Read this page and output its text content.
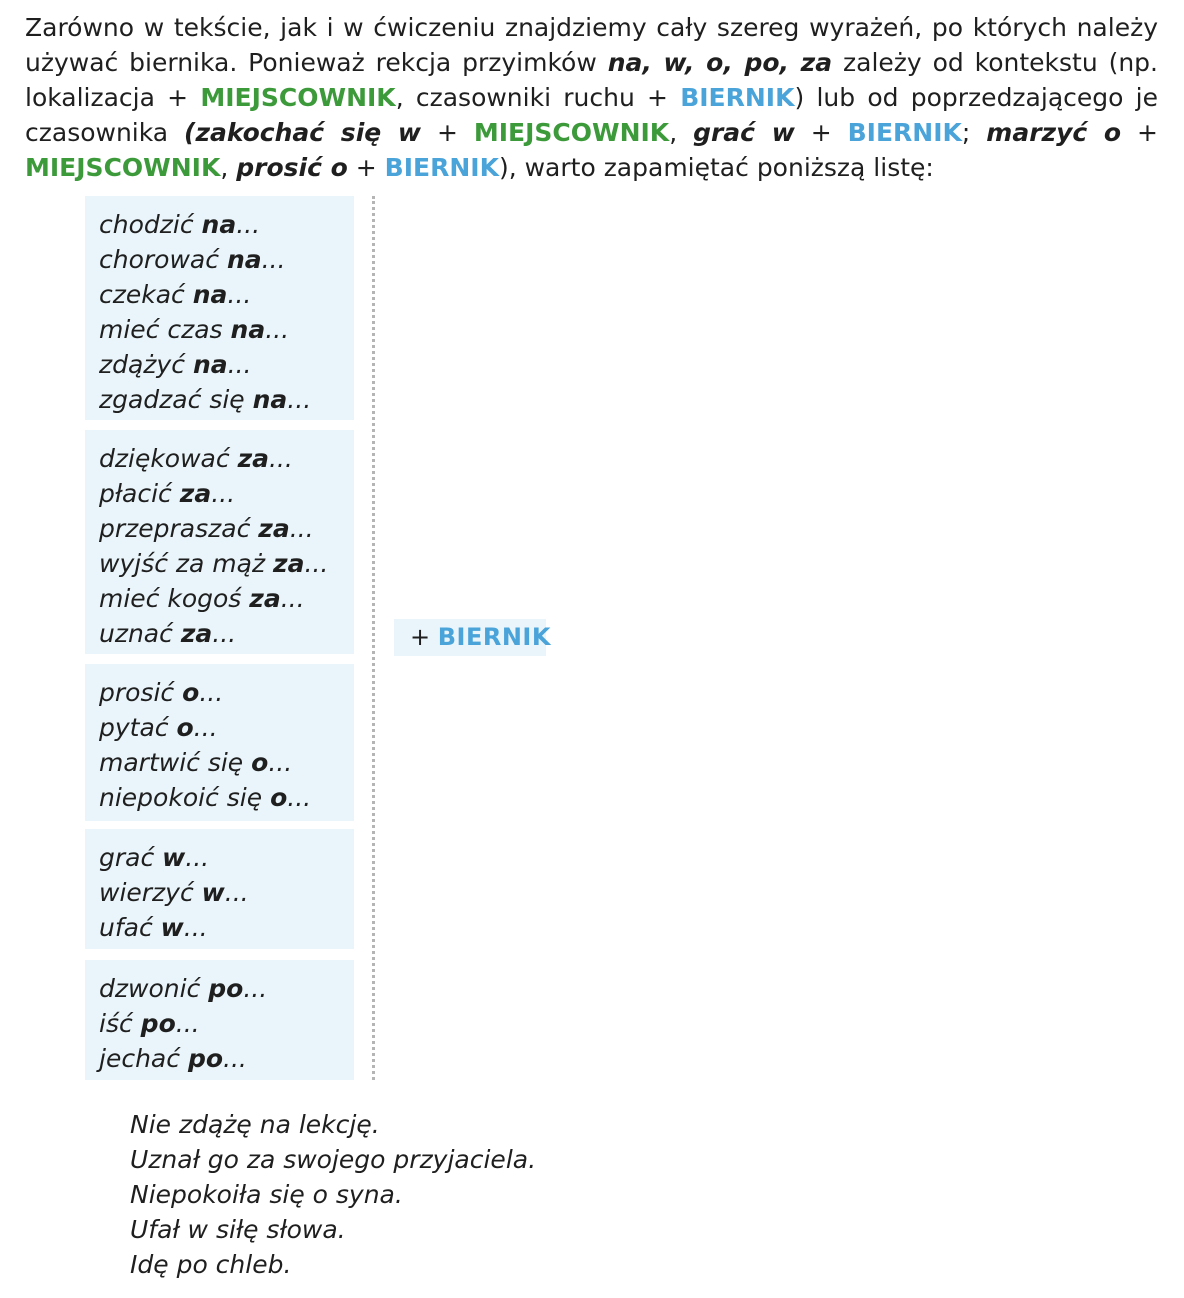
Zarówno w tekście, jak i w ćwiczeniu znajdziemy cały szereg wyrażeń, po których należy używać biernika. Ponieważ rekcja przyimków na, w, o, po, za zależy od kontekstu (np. lokalizacja + MIEJSCOWNIK, czasowniki ruchu + BIERNIK) lub od poprzedzającego je czasownika (zakochać się w + MIEJSCOWNIK, grać w + BIERNIK; marzyć o + MIEJSCOWNIK, prosić o + BIERNIK), warto zapamiętać poniższą listę:

chodzić na...
chorować na...
czekać na...
mieć czas na...
zdążyć na...
zgadzać się na...
dziękować za...
płacić za...
przepraszać za...
wyjść za mąż za...
mieć kogoś za...
uznać za...
prosić o...
pytać o...
martwić się o...
niepokoić się o...
grać w...
wierzyć w...
ufać w...
dzwonić po...
iść po...
jechać po...
+ BIERNIK
Nie zdążę na lekcję.
Uznał go za swojego przyjaciela.
Niepokoiła się o syna.
Ufał w siłę słowa.
Idę po chleb.
